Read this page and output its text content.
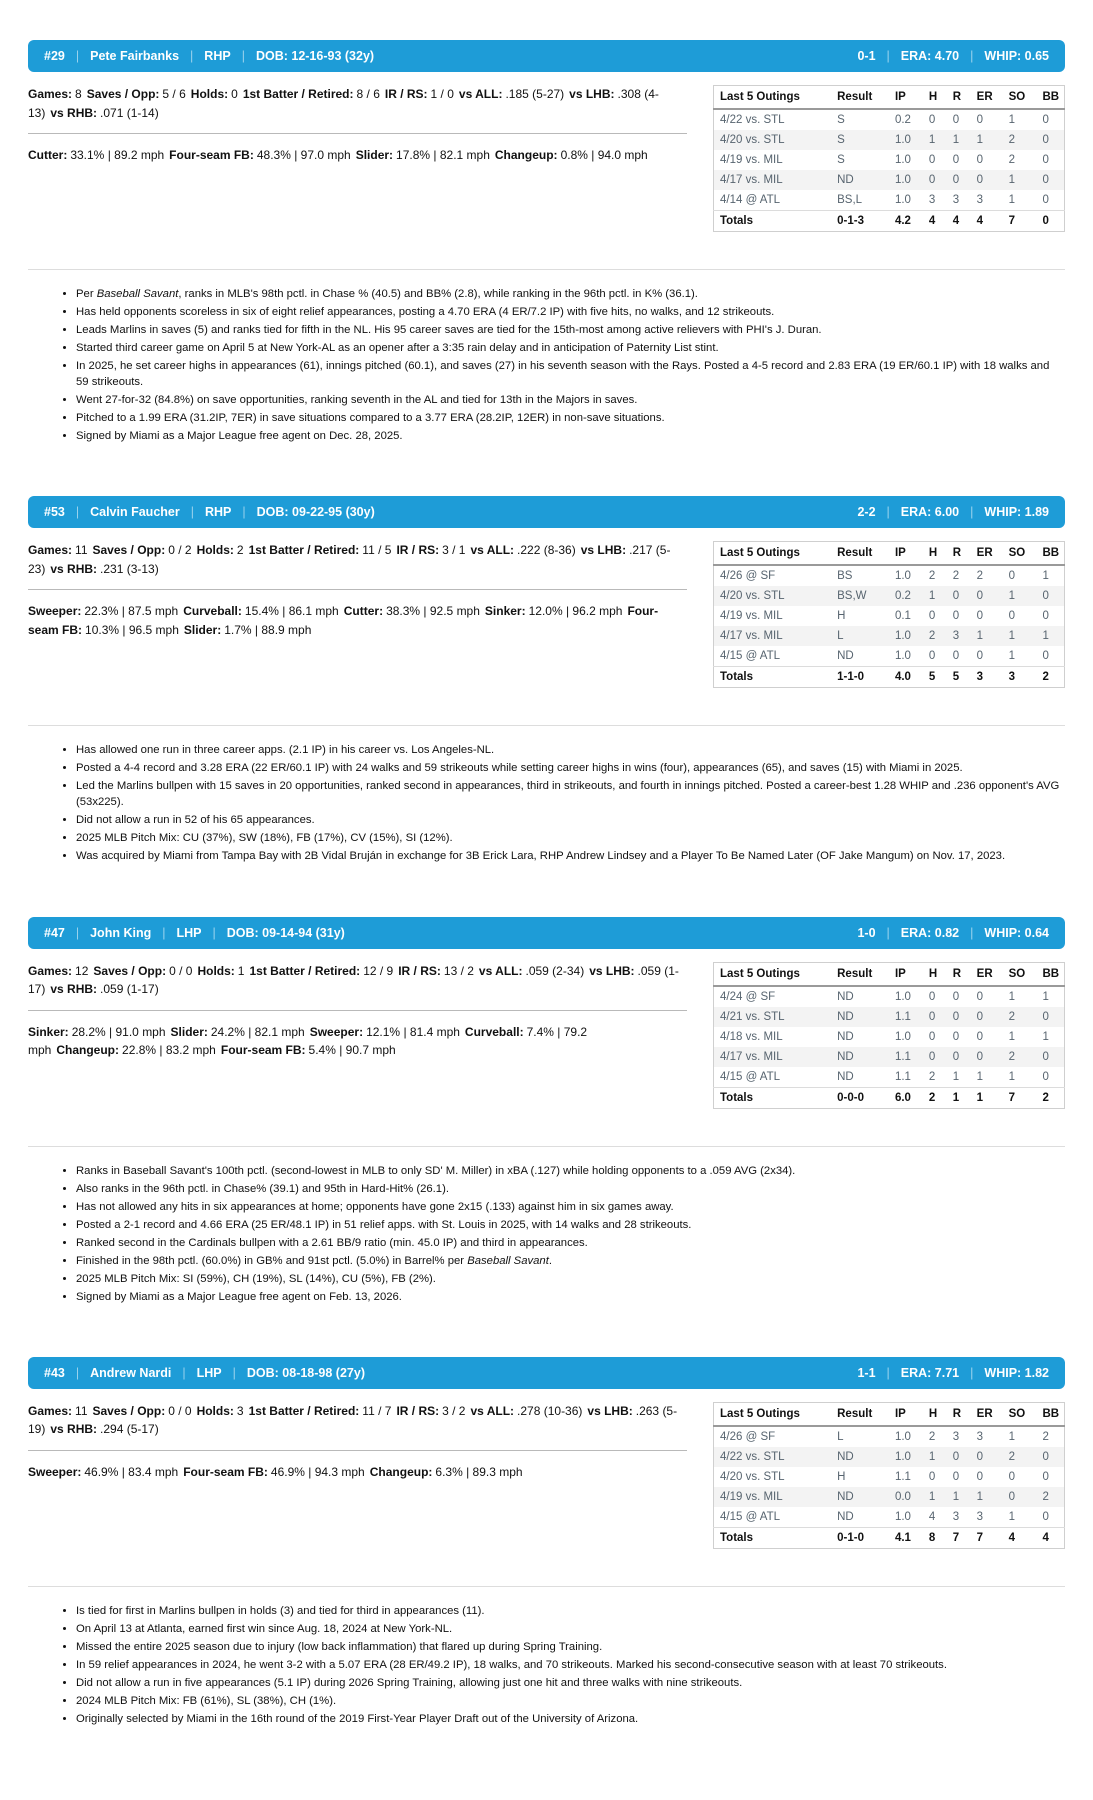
#29 | Pete Fairbanks | RHP | DOB: 12-16-93 (32y)	0-1 | ERA: 4.70 | WHIP: 0.65
Games: 8 Saves / Opp: 5 / 6 Holds: 0 1st Batter / Retired: 8 / 6 IR / RS: 1 / 0 vs ALL: .185 (5-27) vs LHB: .308 (4-13) vs RHB: .071 (1-14)
Cutter: 33.1% | 89.2 mph Four-seam FB: 48.3% | 97.0 mph Slider: 17.8% | 82.1 mph Changeup: 0.8% | 94.0 mph
Last 5 Outings	Result	IP	H	R	ER	SO	BB
4/22 vs. STL	S	0.2	0	0	0	1	0
4/20 vs. STL	S	1.0	1	1	1	2	0
4/19 vs. MIL	S	1.0	0	0	0	2	0
4/17 vs. MIL	ND	1.0	0	0	0	1	0
4/14 @ ATL	BS,L	1.0	3	3	3	1	0
Totals	0-1-3	4.2	4	4	4	7	0
• Per Baseball Savant, ranks in MLB's 98th pctl. in Chase % (40.5) and BB% (2.8), while ranking in the 96th pctl. in K% (36.1).
• Has held opponents scoreless in six of eight relief appearances, posting a 4.70 ERA (4 ER/7.2 IP) with five hits, no walks, and 12 strikeouts.
• Leads Marlins in saves (5) and ranks tied for fifth in the NL. His 95 career saves are tied for the 15th-most among active relievers with PHI's J. Duran.
• Started third career game on April 5 at New York-AL as an opener after a 3:35 rain delay and in anticipation of Paternity List stint.
• In 2025, he set career highs in appearances (61), innings pitched (60.1), and saves (27) in his seventh season with the Rays. Posted a 4-5 record and 2.83 ERA (19 ER/60.1 IP) with 18 walks and 59 strikeouts.
• Went 27-for-32 (84.8%) on save opportunities, ranking seventh in the AL and tied for 13th in the Majors in saves.
• Pitched to a 1.99 ERA (31.2IP, 7ER) in save situations compared to a 3.77 ERA (28.2IP, 12ER) in non-save situations.
• Signed by Miami as a Major League free agent on Dec. 28, 2025.
#53 | Calvin Faucher | RHP | DOB: 09-22-95 (30y)	2-2 | ERA: 6.00 | WHIP: 1.89
Games: 11 Saves / Opp: 0 / 2 Holds: 2 1st Batter / Retired: 11 / 5 IR / RS: 3 / 1 vs ALL: .222 (8-36) vs LHB: .217 (5-23) vs RHB: .231 (3-13)
Sweeper: 22.3% | 87.5 mph Curveball: 15.4% | 86.1 mph Cutter: 38.3% | 92.5 mph Sinker: 12.0% | 96.2 mph Four-seam FB: 10.3% | 96.5 mph Slider: 1.7% | 88.9 mph
Last 5 Outings	Result	IP	H	R	ER	SO	BB
4/26 @ SF	BS	1.0	2	2	2	0	1
4/20 vs. STL	BS,W	0.2	1	0	0	1	0
4/19 vs. MIL	H	0.1	0	0	0	0	0
4/17 vs. MIL	L	1.0	2	3	1	1	1
4/15 @ ATL	ND	1.0	0	0	0	1	0
Totals	1-1-0	4.0	5	5	3	3	2
• Has allowed one run in three career apps. (2.1 IP) in his career vs. Los Angeles-NL.
• Posted a 4-4 record and 3.28 ERA (22 ER/60.1 IP) with 24 walks and 59 strikeouts while setting career highs in wins (four), appearances (65), and saves (15) with Miami in 2025.
• Led the Marlins bullpen with 15 saves in 20 opportunities, ranked second in appearances, third in strikeouts, and fourth in innings pitched. Posted a career-best 1.28 WHIP and .236 opponent's AVG (53x225).
• Did not allow a run in 52 of his 65 appearances.
• 2025 MLB Pitch Mix: CU (37%), SW (18%), FB (17%), CV (15%), SI (12%).
• Was acquired by Miami from Tampa Bay with 2B Vidal Bruján in exchange for 3B Erick Lara, RHP Andrew Lindsey and a Player To Be Named Later (OF Jake Mangum) on Nov. 17, 2023.
#47 | John King | LHP | DOB: 09-14-94 (31y)	1-0 | ERA: 0.82 | WHIP: 0.64
Games: 12 Saves / Opp: 0 / 0 Holds: 1 1st Batter / Retired: 12 / 9 IR / RS: 13 / 2 vs ALL: .059 (2-34) vs LHB: .059 (1-17) vs RHB: .059 (1-17)
Sinker: 28.2% | 91.0 mph Slider: 24.2% | 82.1 mph Sweeper: 12.1% | 81.4 mph Curveball: 7.4% | 79.2 mph Changeup: 22.8% | 83.2 mph Four-seam FB: 5.4% | 90.7 mph
Last 5 Outings	Result	IP	H	R	ER	SO	BB
4/24 @ SF	ND	1.0	0	0	0	1	1
4/21 vs. STL	ND	1.1	0	0	0	2	0
4/18 vs. MIL	ND	1.0	0	0	0	1	1
4/17 vs. MIL	ND	1.1	0	0	0	2	0
4/15 @ ATL	ND	1.1	2	1	1	1	0
Totals	0-0-0	6.0	2	1	1	7	2
• Ranks in Baseball Savant's 100th pctl. (second-lowest in MLB to only SD' M. Miller) in xBA (.127) while holding opponents to a .059 AVG (2x34).
• Also ranks in the 96th pctl. in Chase% (39.1) and 95th in Hard-Hit% (26.1).
• Has not allowed any hits in six appearances at home; opponents have gone 2x15 (.133) against him in six games away.
• Posted a 2-1 record and 4.66 ERA (25 ER/48.1 IP) in 51 relief apps. with St. Louis in 2025, with 14 walks and 28 strikeouts.
• Ranked second in the Cardinals bullpen with a 2.61 BB/9 ratio (min. 45.0 IP) and third in appearances.
• Finished in the 98th pctl. (60.0%) in GB% and 91st pctl. (5.0%) in Barrel% per Baseball Savant.
• 2025 MLB Pitch Mix: SI (59%), CH (19%), SL (14%), CU (5%), FB (2%).
• Signed by Miami as a Major League free agent on Feb. 13, 2026.
#43 | Andrew Nardi | LHP | DOB: 08-18-98 (27y)	1-1 | ERA: 7.71 | WHIP: 1.82
Games: 11 Saves / Opp: 0 / 0 Holds: 3 1st Batter / Retired: 11 / 7 IR / RS: 3 / 2 vs ALL: .278 (10-36) vs LHB: .263 (5-19) vs RHB: .294 (5-17)
Sweeper: 46.9% | 83.4 mph Four-seam FB: 46.9% | 94.3 mph Changeup: 6.3% | 89.3 mph
Last 5 Outings	Result	IP	H	R	ER	SO	BB
4/26 @ SF	L	1.0	2	3	3	1	2
4/22 vs. STL	ND	1.0	1	0	0	2	0
4/20 vs. STL	H	1.1	0	0	0	0	0
4/19 vs. MIL	ND	0.0	1	1	1	0	2
4/15 @ ATL	ND	1.0	4	3	3	1	0
Totals	0-1-0	4.1	8	7	7	4	4
• Is tied for first in Marlins bullpen in holds (3) and tied for third in appearances (11).
• On April 13 at Atlanta, earned first win since Aug. 18, 2024 at New York-NL.
• Missed the entire 2025 season due to injury (low back inflammation) that flared up during Spring Training.
• In 59 relief appearances in 2024, he went 3-2 with a 5.07 ERA (28 ER/49.2 IP), 18 walks, and 70 strikeouts. Marked his second-consecutive season with at least 70 strikeouts.
• Did not allow a run in five appearances (5.1 IP) during 2026 Spring Training, allowing just one hit and three walks with nine strikeouts.
• 2024 MLB Pitch Mix: FB (61%), SL (38%), CH (1%).
• Originally selected by Miami in the 16th round of the 2019 First-Year Player Draft out of the University of Arizona.
